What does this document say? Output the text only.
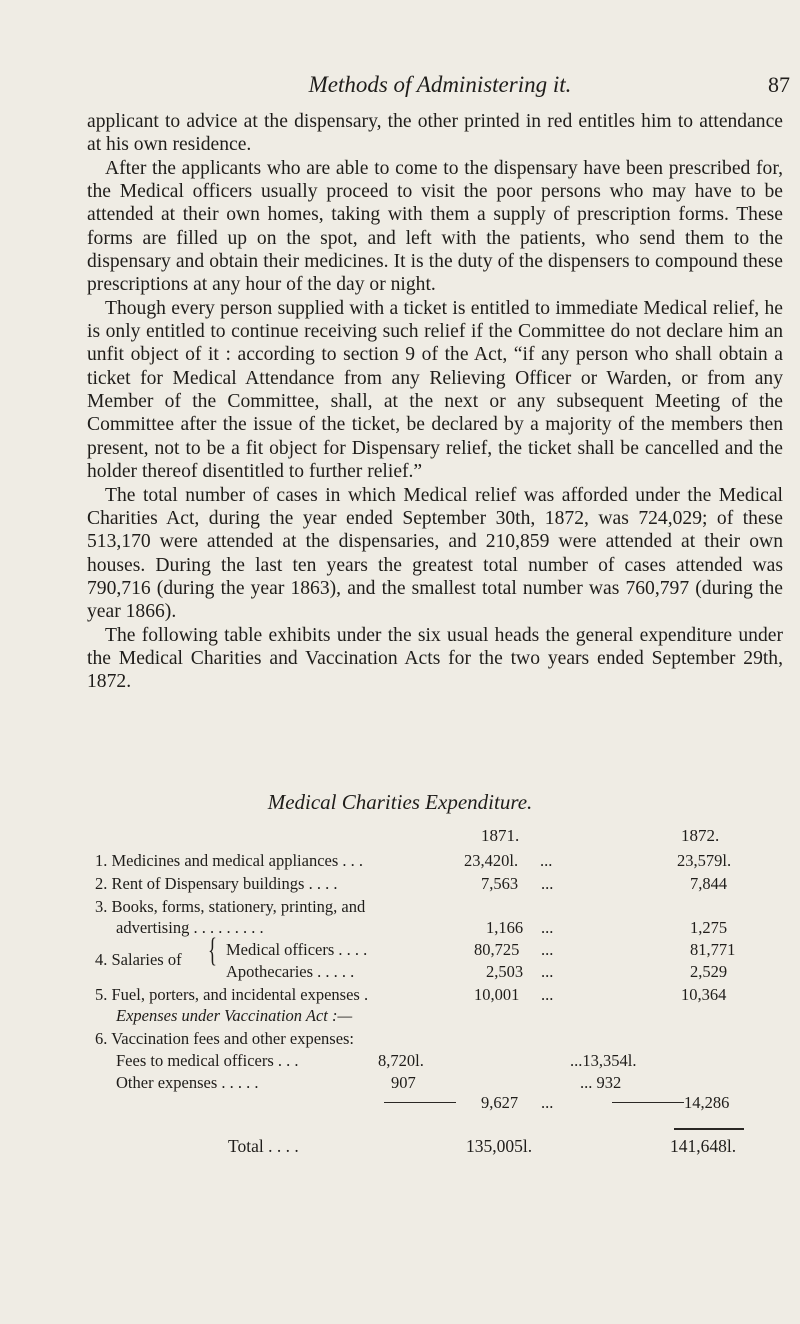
Methods of Administering it.	87

applicant to advice at the dispensary, the other printed in red entitles him to attendance at his own residence.

After the applicants who are able to come to the dispensary have been prescribed for, the Medical officers usually proceed to visit the poor persons who may have to be attended at their own homes, taking with them a supply of prescription forms. These forms are filled up on the spot, and left with the patients, who send them to the dispensary and obtain their medicines. It is the duty of the dispensers to compound these prescriptions at any hour of the day or night.

Though every person supplied with a ticket is entitled to immediate Medical relief, he is only entitled to continue receiving such relief if the Committee do not declare him an unfit object of it : according to section 9 of the Act, “if any person who shall obtain a ticket for Medical Attendance from any Relieving Officer or Warden, or from any Member of the Committee, shall, at the next or any subsequent Meeting of the Committee after the issue of the ticket, be declared by a majority of the members then present, not to be a fit object for Dispensary relief, the ticket shall be cancelled and the holder thereof disentitled to further relief.”

The total number of cases in which Medical relief was afforded under the Medical Charities Act, during the year ended September 30th, 1872, was 724,029; of these 513,170 were attended at the dispensaries, and 210,859 were attended at their own houses. During the last ten years the greatest total number of cases attended was 790,716 (during the year 1863), and the smallest total number was 760,797 (during the year 1866).

The following table exhibits under the six usual heads the general expenditure under the Medical Charities and Vaccination Acts for the two years ended September 29th, 1872.

Medical Charities Expenditure.
1871.	1872.
1. Medicines and medical appliances . . .	23,420l. ...	23,579l.
2. Rent of Dispensary buildings . . . .	7,563 ...	7,844
3. Books, forms, stationery, printing, and
advertising . . . . . . . . .	1,166 ...	1,275
4. Salaries of { Medical officers . . . .	80,725 ...	81,771
Apothecaries . . . . .	2,503 ...	2,529
5. Fuel, porters, and incidental expenses .	10,001 ...	10,364
Expenses under Vaccination Act :—
6. Vaccination fees and other expenses:
Fees to medical officers . . .	8,720l.	...13,354l.
Other expenses . . . . .	907	... 932
9,627 ...	14,286
Total . . . .	135,005l.	141,648l.
